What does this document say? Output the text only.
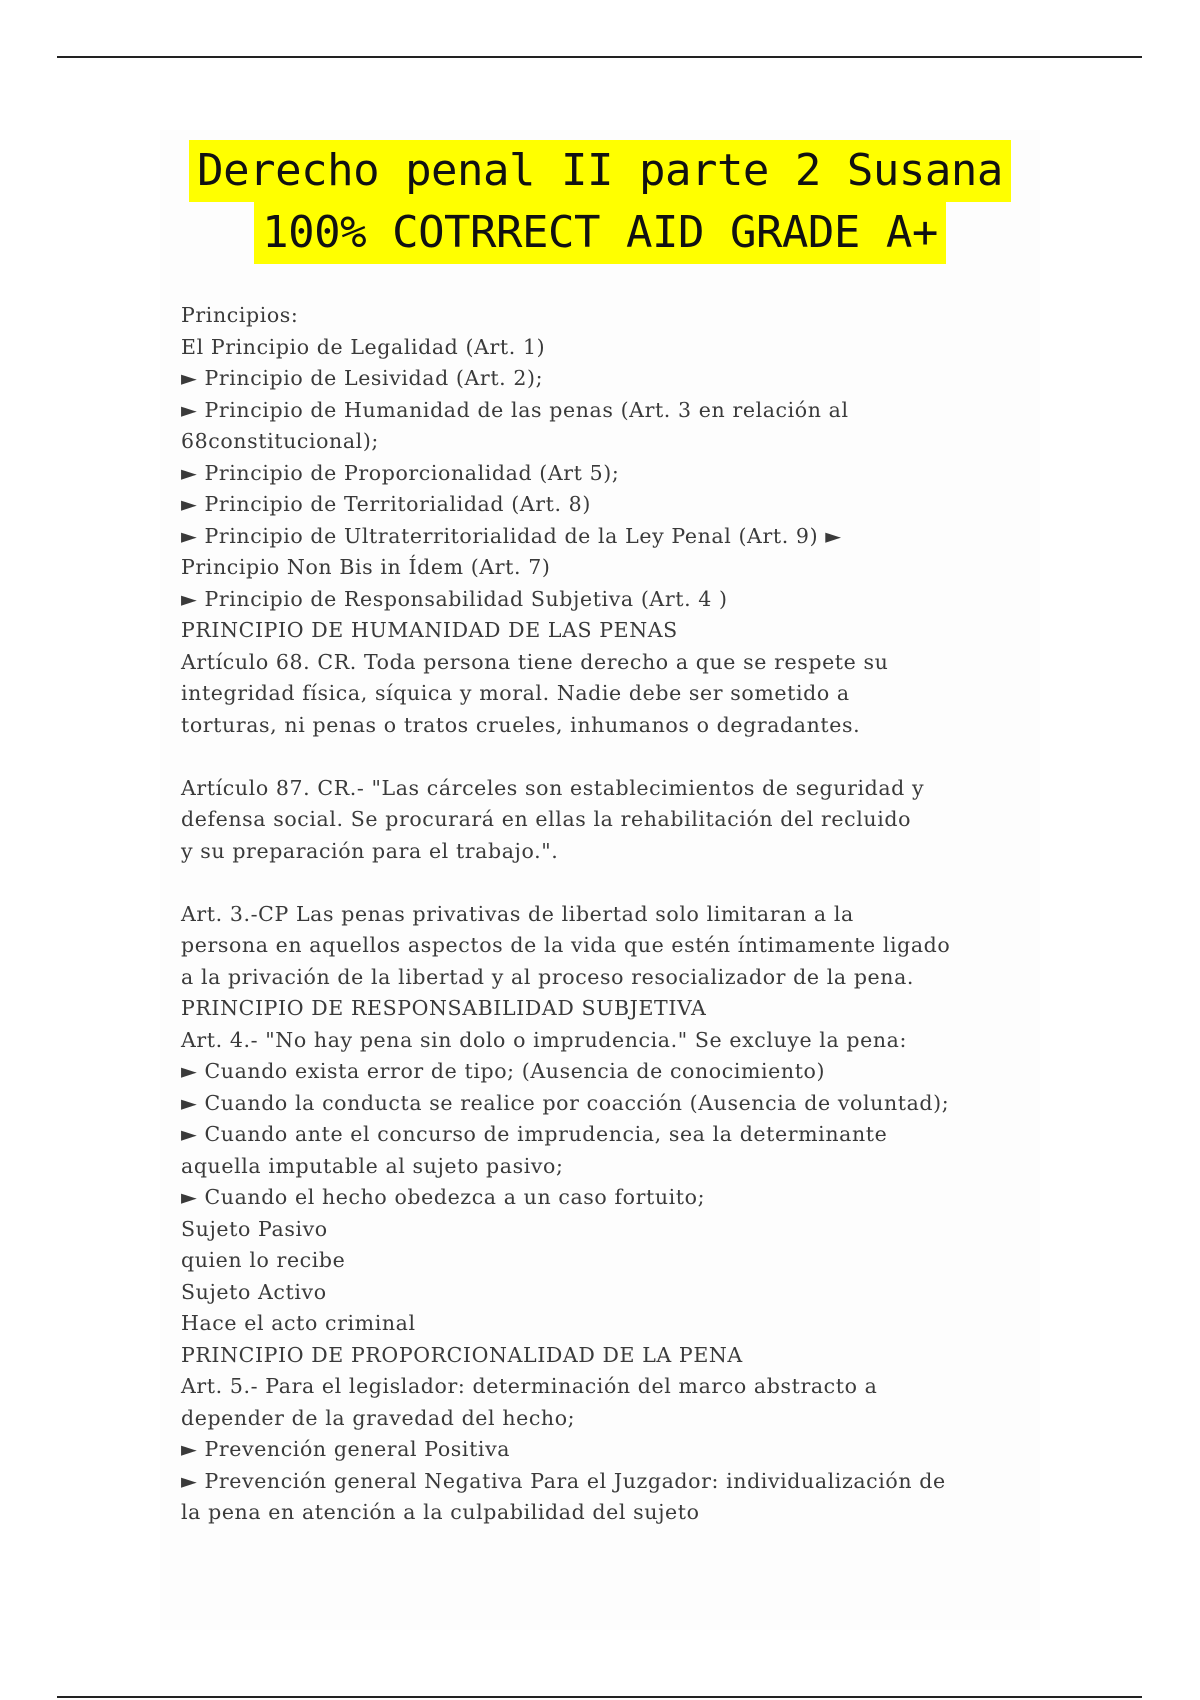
Derecho penal II parte 2 Susana
100% COTRRECT AID GRADE A+
Principios:
El Principio de Legalidad (Art. 1)
► Principio de Lesividad (Art. 2);
► Principio de Humanidad de las penas (Art. 3 en relación al
68constitucional);
► Principio de Proporcionalidad (Art 5);
► Principio de Territorialidad (Art. 8)
► Principio de Ultraterritorialidad de la Ley Penal (Art. 9) ►
Principio Non Bis in Ídem (Art. 7)
► Principio de Responsabilidad Subjetiva (Art. 4 )
PRINCIPIO DE HUMANIDAD DE LAS PENAS
Artículo 68. CR. Toda persona tiene derecho a que se respete su
integridad física, síquica y moral. Nadie debe ser sometido a
torturas, ni penas o tratos crueles, inhumanos o degradantes.
Artículo 87. CR.- "Las cárceles son establecimientos de seguridad y
defensa social. Se procurará en ellas la rehabilitación del recluido
y su preparación para el trabajo.".
Art. 3.-CP Las penas privativas de libertad solo limitaran a la
persona en aquellos aspectos de la vida que estén íntimamente ligado
a la privación de la libertad y al proceso resocializador de la pena.
PRINCIPIO DE RESPONSABILIDAD SUBJETIVA
Art. 4.- "No hay pena sin dolo o imprudencia." Se excluye la pena:
► Cuando exista error de tipo; (Ausencia de conocimiento)
► Cuando la conducta se realice por coacción (Ausencia de voluntad);
► Cuando ante el concurso de imprudencia, sea la determinante
aquella imputable al sujeto pasivo;
► Cuando el hecho obedezca a un caso fortuito;
Sujeto Pasivo
quien lo recibe
Sujeto Activo
Hace el acto criminal
PRINCIPIO DE PROPORCIONALIDAD DE LA PENA
Art. 5.- Para el legislador: determinación del marco abstracto a
depender de la gravedad del hecho;
► Prevención general Positiva
► Prevención general Negativa Para el Juzgador: individualización de
la pena en atención a la culpabilidad del sujeto
